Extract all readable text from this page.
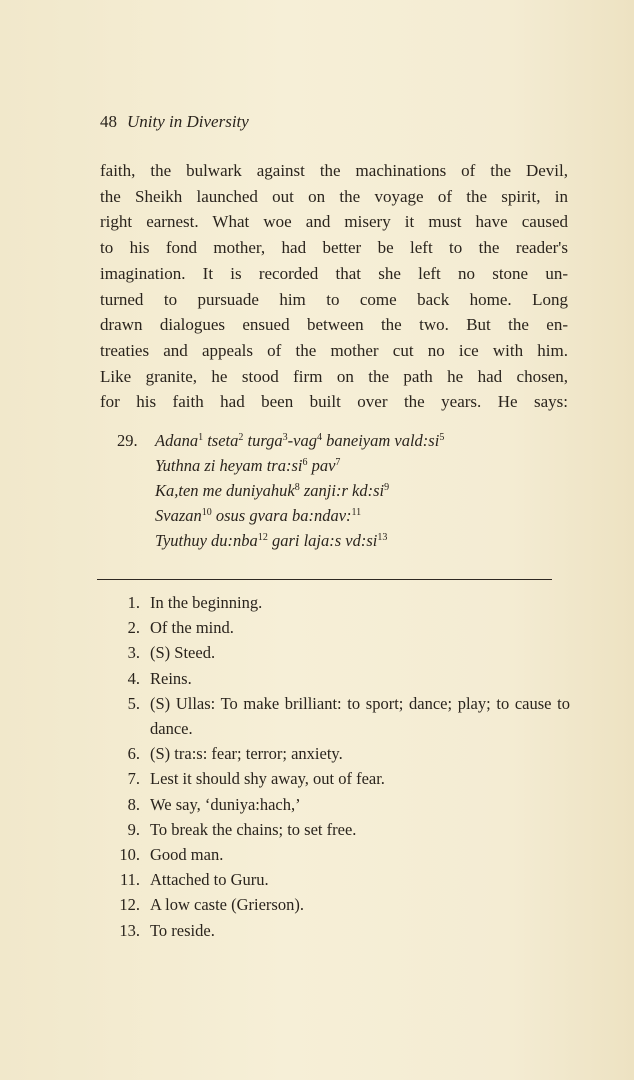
48 Unity in Diversity
faith, the bulwark against the machinations of the Devil,
the Sheikh launched out on the voyage of the spirit, in
right earnest. What woe and misery it must have caused
to his fond mother, had better be left to the reader's
imagination. It is recorded that she left no stone un-
turned to pursuade him to come back home. Long
drawn dialogues ensued between the two. But the en-
treaties and appeals of the mother cut no ice with him.
Like granite, he stood firm on the path he had chosen,
for his faith had been built over the years. He says:
29. Adana$^1$ tseta$^2$ turga$^3$-vag$^4$ baneiyam $vald:si^5$
Yuthna zi heyam $tra:si^6$ pav$^7$
Ka,ten me duniyahuk$^8$ zanji:r $kd:si^9$
Svazan$^{10}$ osus gvara ba:ndav:$^{11}$
Tyuthuy du:nba$^{12}$ gari laja:s $vd:si^{13}$
1. In the beginning.
2. Of the mind.
3. (S) Steed.
4. Reins.
5. (S) Ullas: To make brilliant: to sport; dance; play; to cause to dance.
6. (S) tra:s: fear; terror; anxiety.
7. Lest it should shy away, out of fear.
8. We say, ‘duniya:hach,’
9. To break the chains; to set free.
10. Good man.
11. Attached to Guru.
12. A low caste (Grierson).
13. To reside.
